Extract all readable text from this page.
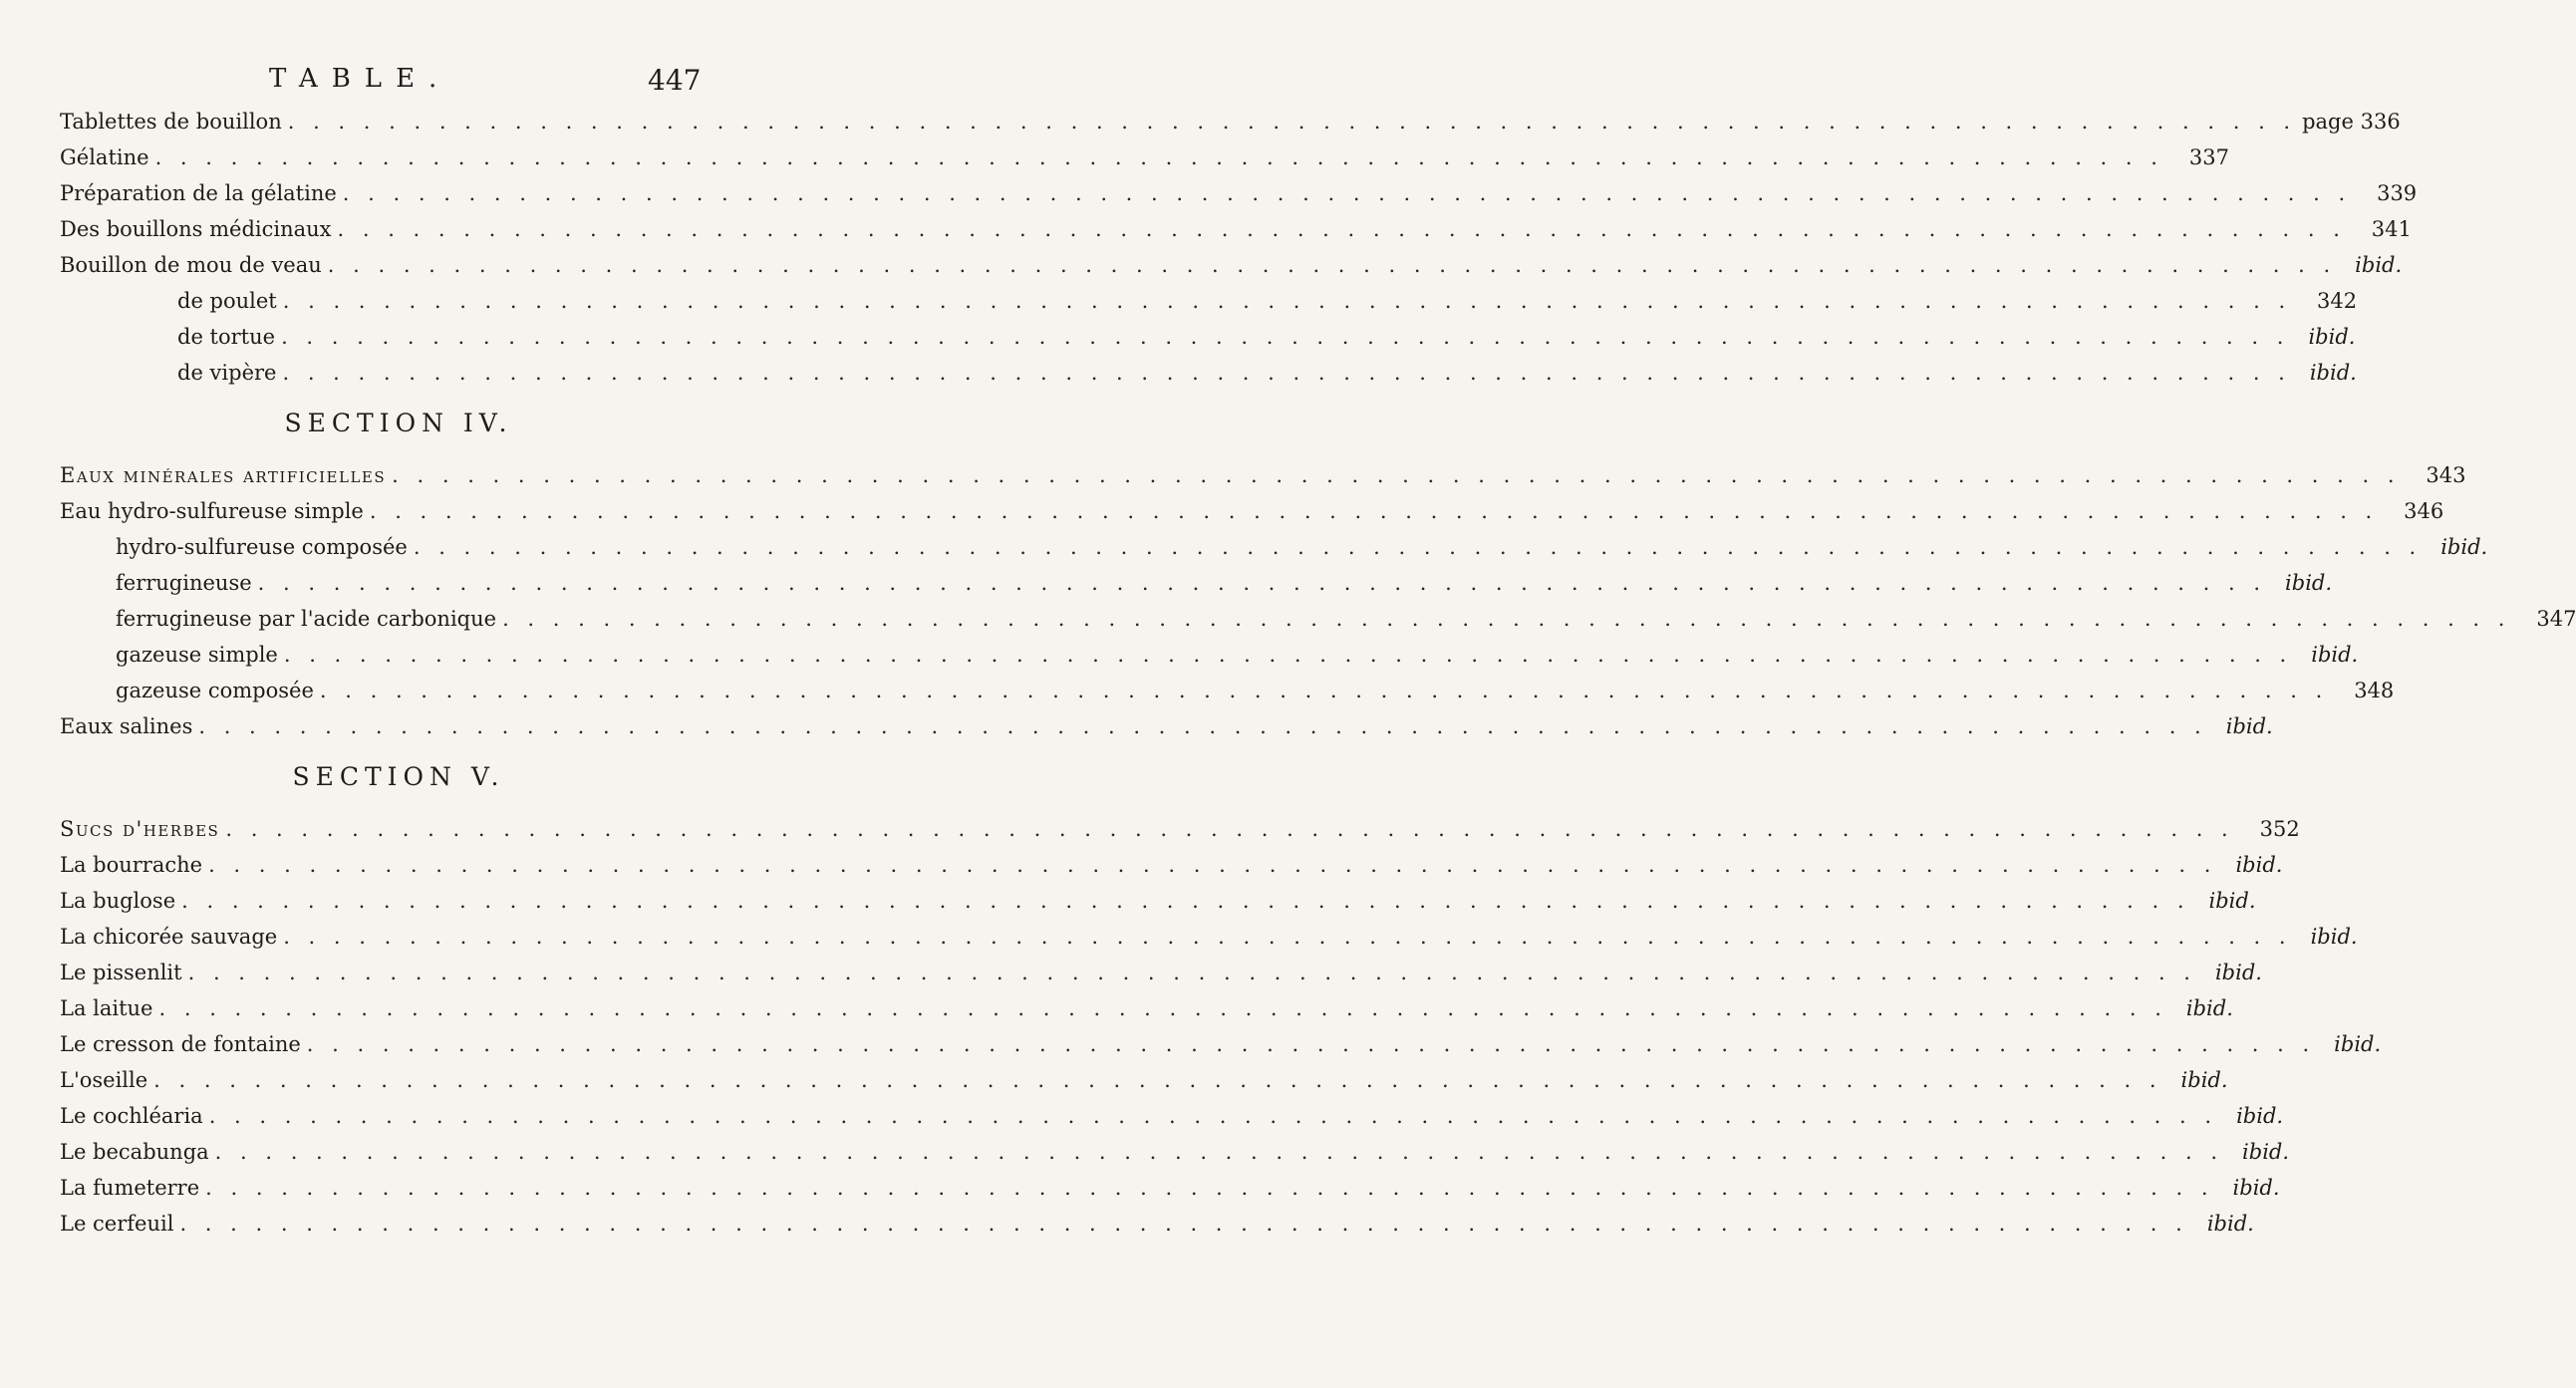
TABLE.	447
Tablettes de bouillon . . . . . . . . . . . . . . . . . . . . . . . . . . . . . . . . . . . . . . . . . . . . . . . . . . . . . . . . . . . . . . . . . . . . . . . . . . . . . . . . page 336
Gélatine . . . . . . . . . . . . . . . . . . . . . . . . . . . . . . . . . . . . . . . . . . . . . . . . . . . . . . . . . . . . . . . . . . . . . . . . . . . . . . . .	337
Préparation de la gélatine . . . . . . . . . . . . . . . . . . . . . . . . . . . . . . . . . . . . . . . . . . . . . . . . . . . . . . . . . . . . . . . . . . . . . . . . . . . . . . . .	339
Des bouillons médicinaux . . . . . . . . . . . . . . . . . . . . . . . . . . . . . . . . . . . . . . . . . . . . . . . . . . . . . . . . . . . . . . . . . . . . . . . . . . . . . . . .	341
Bouillon de mou de veau . . . . . . . . . . . . . . . . . . . . . . . . . . . . . . . . . . . . . . . . . . . . . . . . . . . . . . . . . . . . . . . . . . . . . . . . . . . . . . . . ibid.
de poulet . . . . . . . . . . . . . . . . . . . . . . . . . . . . . . . . . . . . . . . . . . . . . . . . . . . . . . . . . . . . . . . . . . . . . . . . . . . . . . . .	342
de tortue . . . . . . . . . . . . . . . . . . . . . . . . . . . . . . . . . . . . . . . . . . . . . . . . . . . . . . . . . . . . . . . . . . . . . . . . . . . . . . . . ibid.
de vipère . . . . . . . . . . . . . . . . . . . . . . . . . . . . . . . . . . . . . . . . . . . . . . . . . . . . . . . . . . . . . . . . . . . . . . . . . . . . . . . . ibid.
SECTION IV.
Eaux minérales artificielles . . . . . . . . . . . . . . . . . . . . . . . . . . . . . . . . . . . . . . . . . . . . . . . . . . . . . . . . . . . . . . . . . . . . . . . . . . . . . . . .	343
Eau hydro-sulfureuse simple . . . . . . . . . . . . . . . . . . . . . . . . . . . . . . . . . . . . . . . . . . . . . . . . . . . . . . . . . . . . . . . . . . . . . . . . . . . . . . . .	346
hydro-sulfureuse composée . . . . . . . . . . . . . . . . . . . . . . . . . . . . . . . . . . . . . . . . . . . . . . . . . . . . . . . . . . . . . . . . . . . . . . . . . . . . . . . . ibid.
ferrugineuse . . . . . . . . . . . . . . . . . . . . . . . . . . . . . . . . . . . . . . . . . . . . . . . . . . . . . . . . . . . . . . . . . . . . . . . . . . . . . . . . ibid.
ferrugineuse par l'acide carbonique . . . . . . . . . . . . . . . . . . . . . . . . . . . . . . . . . . . . . . . . . . . . . . . . . . . . . . . . . . . . . . . . . . . . . . . . . . . . . . . .	347
gazeuse simple . . . . . . . . . . . . . . . . . . . . . . . . . . . . . . . . . . . . . . . . . . . . . . . . . . . . . . . . . . . . . . . . . . . . . . . . . . . . . . . . ibid.
gazeuse composée . . . . . . . . . . . . . . . . . . . . . . . . . . . . . . . . . . . . . . . . . . . . . . . . . . . . . . . . . . . . . . . . . . . . . . . . . . . . . . . .	348
Eaux salines . . . . . . . . . . . . . . . . . . . . . . . . . . . . . . . . . . . . . . . . . . . . . . . . . . . . . . . . . . . . . . . . . . . . . . . . . . . . . . . . ibid.
SECTION V.
Sucs d'herbes . . . . . . . . . . . . . . . . . . . . . . . . . . . . . . . . . . . . . . . . . . . . . . . . . . . . . . . . . . . . . . . . . . . . . . . . . . . . . . . .	352
La bourrache . . . . . . . . . . . . . . . . . . . . . . . . . . . . . . . . . . . . . . . . . . . . . . . . . . . . . . . . . . . . . . . . . . . . . . . . . . . . . . . . ibid.
La buglose . . . . . . . . . . . . . . . . . . . . . . . . . . . . . . . . . . . . . . . . . . . . . . . . . . . . . . . . . . . . . . . . . . . . . . . . . . . . . . . . ibid.
La chicorée sauvage . . . . . . . . . . . . . . . . . . . . . . . . . . . . . . . . . . . . . . . . . . . . . . . . . . . . . . . . . . . . . . . . . . . . . . . . . . . . . . . . ibid.
Le pissenlit . . . . . . . . . . . . . . . . . . . . . . . . . . . . . . . . . . . . . . . . . . . . . . . . . . . . . . . . . . . . . . . . . . . . . . . . . . . . . . . . ibid.
La laitue . . . . . . . . . . . . . . . . . . . . . . . . . . . . . . . . . . . . . . . . . . . . . . . . . . . . . . . . . . . . . . . . . . . . . . . . . . . . . . . . ibid.
Le cresson de fontaine . . . . . . . . . . . . . . . . . . . . . . . . . . . . . . . . . . . . . . . . . . . . . . . . . . . . . . . . . . . . . . . . . . . . . . . . . . . . . . . . ibid.
L'oseille . . . . . . . . . . . . . . . . . . . . . . . . . . . . . . . . . . . . . . . . . . . . . . . . . . . . . . . . . . . . . . . . . . . . . . . . . . . . . . . . ibid.
Le cochléaria . . . . . . . . . . . . . . . . . . . . . . . . . . . . . . . . . . . . . . . . . . . . . . . . . . . . . . . . . . . . . . . . . . . . . . . . . . . . . . . . ibid.
Le becabunga . . . . . . . . . . . . . . . . . . . . . . . . . . . . . . . . . . . . . . . . . . . . . . . . . . . . . . . . . . . . . . . . . . . . . . . . . . . . . . . . ibid.
La fumeterre . . . . . . . . . . . . . . . . . . . . . . . . . . . . . . . . . . . . . . . . . . . . . . . . . . . . . . . . . . . . . . . . . . . . . . . . . . . . . . . . ibid.
Le cerfeuil . . . . . . . . . . . . . . . . . . . . . . . . . . . . . . . . . . . . . . . . . . . . . . . . . . . . . . . . . . . . . . . . . . . . . . . . . . . . . . . . ibid.
